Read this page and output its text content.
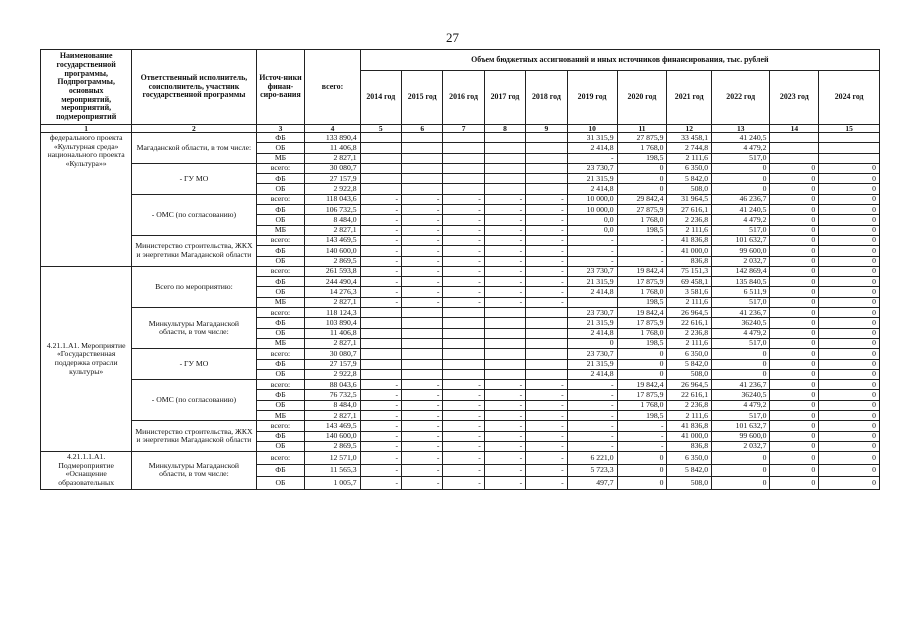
27
Наименование государственной программы, Подпрограммы, основных мероприятий, мероприятий, подмероприятий	Ответственный исполнитель, соисполнитель, участник государственной программы	Источ-ники финан-сиро-вания	всего:	Объем бюджетных ассигнований и иных источников финансирования, тыс. рублей										
				2014 год	2015 год	2016 год	2017 год	2018 год	2019 год	2020 год	2021 год	2022 год	2023 год	2024 год
1	2	3	4	5	6	7	8	9	10	11	12	13	14	15
федерального проекта «Культурная среда» национального проекта «Культура»»	Магаданской области, в том числе:	ФБ	133 890,4						31 315,9	27 875,9	33 458,1	41 240,5		
		ОБ	11 406,8						2 414,8	1 768,0	2 744,8	4 479,2		
		МБ	2 827,1						-	198,5	2 111,6	517,0		
	- ГУ МО	всего:	30 080,7						23 730,7	0	6 350,0	0	0	0
		ФБ	27 157,9						21 315,9	0	5 842,0	0	0	0
		ОБ	2 922,8						2 414,8	0	508,0	0	0	0
	- ОМС (по согласованию)	всего:	118 043,6	-	-	-	-	-	10 000,0	29 842,4	31 964,5	46 236,7	0	0
		ФБ	106 732,5	-	-	-	-	-	10 000,0	27 875,9	27 616,1	41 240,5	0	0
		ОБ	8 484,0	-	-	-	-	-	0,0	1 768,0	2 236,8	4 479,2	0	0
		МБ	2 827,1	-	-	-	-	-	0,0	198,5	2 111,6	517,0	0	0
	Министерство строительства, ЖКХ и энергетики Магаданской области	всего:	143 469,5	-	-	-	-	-	-	-	41 836,8	101 632,7	0	0
		ФБ	140 600,0	-	-	-	-	-	-	-	41 000,0	99 600,0	0	0
		ОБ	2 869,5	-	-	-	-	-	-	-	836,8	2 032,7	0	0
4.21.1.А1. Мероприятие «Государственная поддержка отрасли культуры»	Всего по мероприятию:	всего:	261 593,8	-	-	-	-	-	23 730,7	19 842,4	75 151,3	142 869,4	0	0
		ФБ	244 490,4	-	-	-	-	-	21 315,9	17 875,9	69 458,1	135 840,5	0	0
		ОБ	14 276,3	-	-	-	-	-	2 414,8	1 768,0	3 581,6	6 511,9	0	0
		МБ	2 827,1	-	-	-	-	-		198,5	2 111,6	517,0	0	0
	Минкультуры Магаданской области, в том числе:	всего:	118 124,3						23 730,7	19 842,4	26 964,5	41 236,7	0	0
		ФБ	103 890,4						21 315,9	17 875,9	22 616,1	36240,5	0	0
		ОБ	11 406,8						2 414,8	1 768,0	2 236,8	4 479,2	0	0
		МБ	2 827,1						0	198,5	2 111,6	517,0	0	0
	- ГУ МО	всего:	30 080,7						23 730,7	0	6 350,0	0	0	0
		ФБ	27 157,9						21 315,9	0	5 842,0	0	0	0
		ОБ	2 922,8						2 414,8	0	508,0	0	0	0
	- ОМС (по согласованию)	всего:	88 043,6	-	-	-	-	-	-	19 842,4	26 964,5	41 236,7	0	0
		ФБ	76 732,5	-	-	-	-	-	-	17 875,9	22 616,1	36240,5	0	0
		ОБ	8 484,0	-	-	-	-	-	-	1 768,0	2 236,8	4 479,2	0	0
		МБ	2 827,1	-	-	-	-	-	-	198,5	2 111,6	517,0	0	0
	Министерство строительства, ЖКХ и энергетики Магаданской области	всего:	143 469,5	-	-	-	-	-	-	-	41 836,8	101 632,7	0	0
		ФБ	140 600,0	-	-	-	-	-	-	-	41 000,0	99 600,0	0	0
		ОБ	2 869,5	-	-	-	-	-	-	-	836,8	2 032,7	0	0
4.21.1.1.А1. Подмероприятие «Оснащение образовательных	Минкультуры Магаданской области, в том числе:	всего:	12 571,0	-	-	-	-	-	6 221,0	0	6 350,0	0	0	0
		ФБ	11 565,3	-	-	-	-	-	5 723,3	0	5 842,0	0	0	0
		ОБ	1 005,7	-	-	-	-	-	497,7	0	508,0	0	0	0
